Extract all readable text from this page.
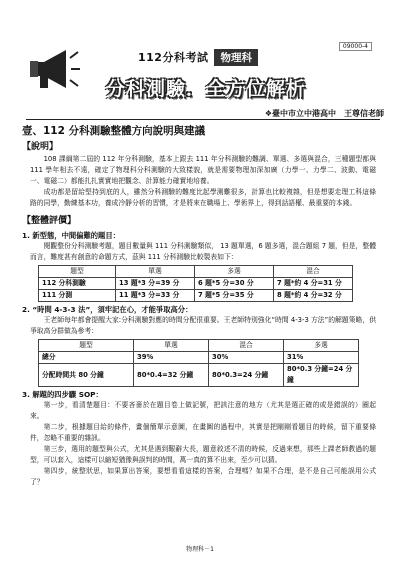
112分科考試	物理科
09000-4
分科測驗．全方位解析
❖臺中市立中港高中　王尊信老師
壹、112 分科測驗整體方向說明與建議
【說明】
108 課綱第二屆的 112 年分科測驗，基本上跟去 111 年分科測驗的難調、單選、多選與混合，三種題型都與 111 學年相去不遠，確定了物理科分科測驗的大致樣貌，就是需要物理加深加廣（力學一、力學二、波動、電磁一、電磁二）都能扎扎實實地把觀念、計算能力確實地培養。
成功都是留給堅持到底的人，雖然分科測驗的難度比起學測難很多，計算也比較複雜，但是想要走理工科這條路的同學，勤練基本功，養成冷靜分析的習慣，才是將來在職場上、學術界上，得到話語權、最重要的本錢。
【整體評價】
1. 新型態，中間偏難的題目：
閱觀整份分科測驗考題，題目數量與 111 分科測驗類似， 13 題單選，6 題多選，混合題組 7 題，但是，整體而言，難度甚有創意的命題方式，茲與 111 分科測驗比較製表如下：
題型	單選	多選	混合
112 分科測驗	13 題*3 分=39 分	6 題*5 分=30 分	7 題*約 4 分=31 分
111 分測	11 題*3 分=33 分	7 題*5 分=35 分	8 題*約 4 分=32 分
2. “時間 4-3-3 法”，須牢記在心，才能爭取高分：
王老師每年都會提醒大家:分科測驗對應的時間分配很重要。王老師特別強化“時間 4-3-3 方法”的解題策略，供爭取高分群做為參考：
題型	單選	混合	多選
總分	39%	30%	31%
分配時間共 80 分鐘	80*0.4=32 分鐘	80*0.3=24 分鐘	80*0.3 分鐘=24 分鐘
3. 解題的四步驟 SOP：
第一步，看清楚題目：不要吝嗇於在題目卷上做記號，把該注意的地方（尤其是選正確的或是錯誤的）圈起來。
第二步，根據題目給的條件，畫個簡單示意圖，在畫圖的過程中，其實是把剛剛看題目的時候，留下重要條件，忽略不重要的雜訊。
第三步，選用的題型與公式，尤其是遇到艱辭大長，題意敘述不清的時候，反過來想，那些上課老師教過的題型，可以套入，這樣可以縮短猶豫與誤判的時間，萬一真的算不出來，至少可以猜。
第四步，統整狀思，如果算出答案，要想看看這樣的答案，合理嗎？如果不合理，是不是自己可能誤用公式了？
物理科－1
